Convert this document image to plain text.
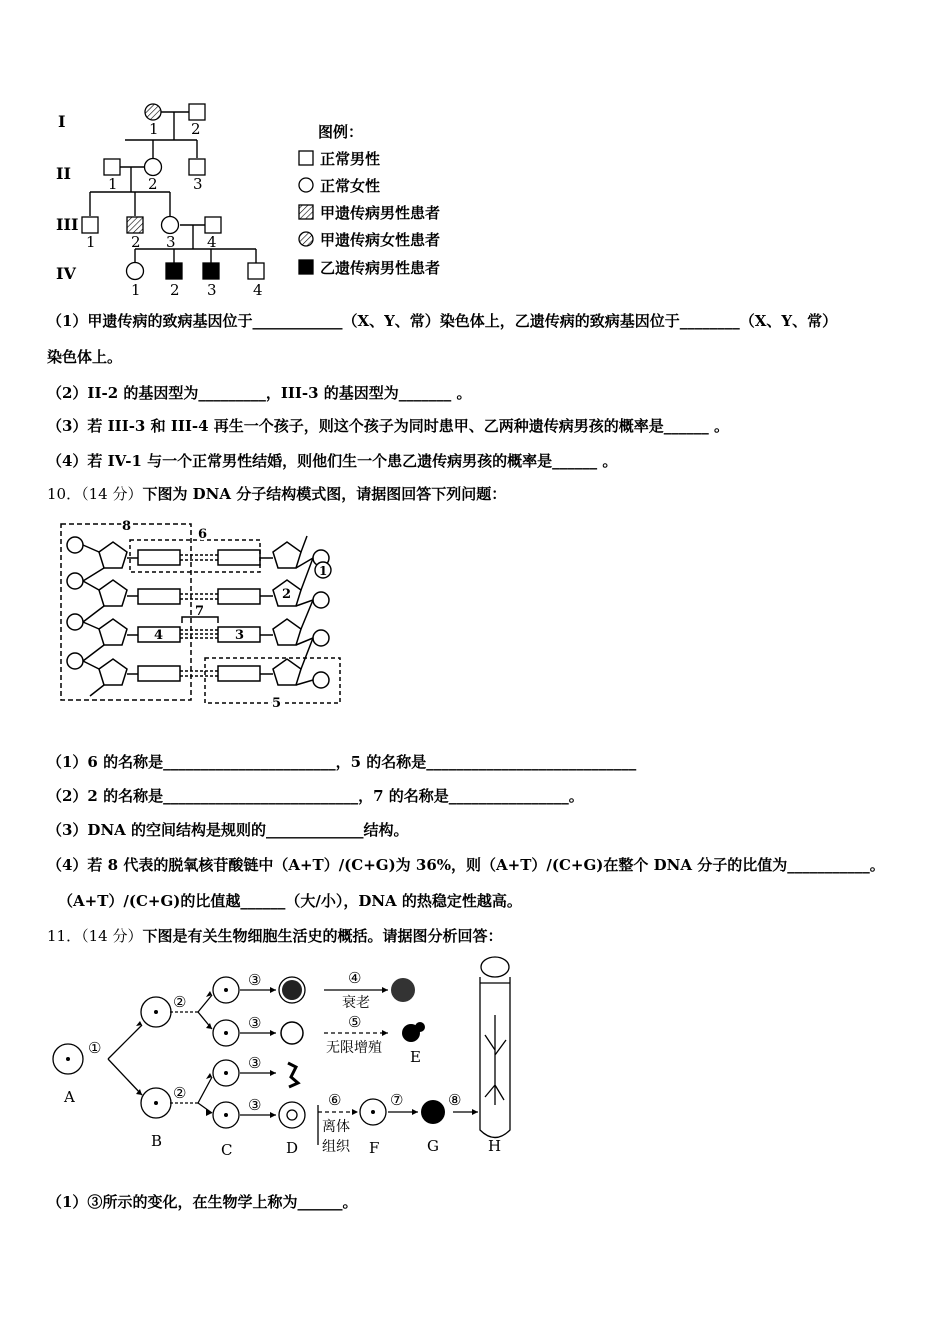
I
II
III
IV
1 2
1 2 3
1 2 3 4
1 2 3 4
图例：
正常男性
正常女性
甲遗传病男性患者
甲遗传病女性患者
乙遗传病男性患者
（1）甲遗传病的致病基因位于____________（X、Y、常）染色体上，乙遗传病的致病基因位于________（X、Y、常）
染色体上。
（2）II-2 的基因型为_________，III-3 的基因型为_______ 。
（3）若 III-3 和 III-4 再生一个孩子，则这个孩子为同时患甲、乙两种遗传病男孩的概率是______ 。
（4）若 IV-1 与一个正常男性结婚，则他们生一个患乙遗传病男孩的概率是______ 。
10．（14 分）下图为 DNA 分子结构模式图，请据图回答下列问题：
8
6
4	3
7
2
5
1
（1）6 的名称是_______________________，5 的名称是____________________________
（2）2 的名称是__________________________，7 的名称是________________。
（3）DNA 的空间结构是规则的_____________结构。
（4）若 8 代表的脱氧核苷酸链中（A+T）/(C+G)为 36%，则（A+T）/(C+G)在整个 DNA 分子的比值为___________。
（A+T）/(C+G)的比值越______（大/小），DNA 的热稳定性越高。
11．（14 分）下图是有关生物细胞生活史的概括。请据图分析回答：
①
②
②
③
③
③
③
④
⑤
⑥	⑦	⑧
衰老
无限增殖
离体
组织
A
B	C	D
E
F	G	H
（1）③所示的变化，在生物学上称为______。
